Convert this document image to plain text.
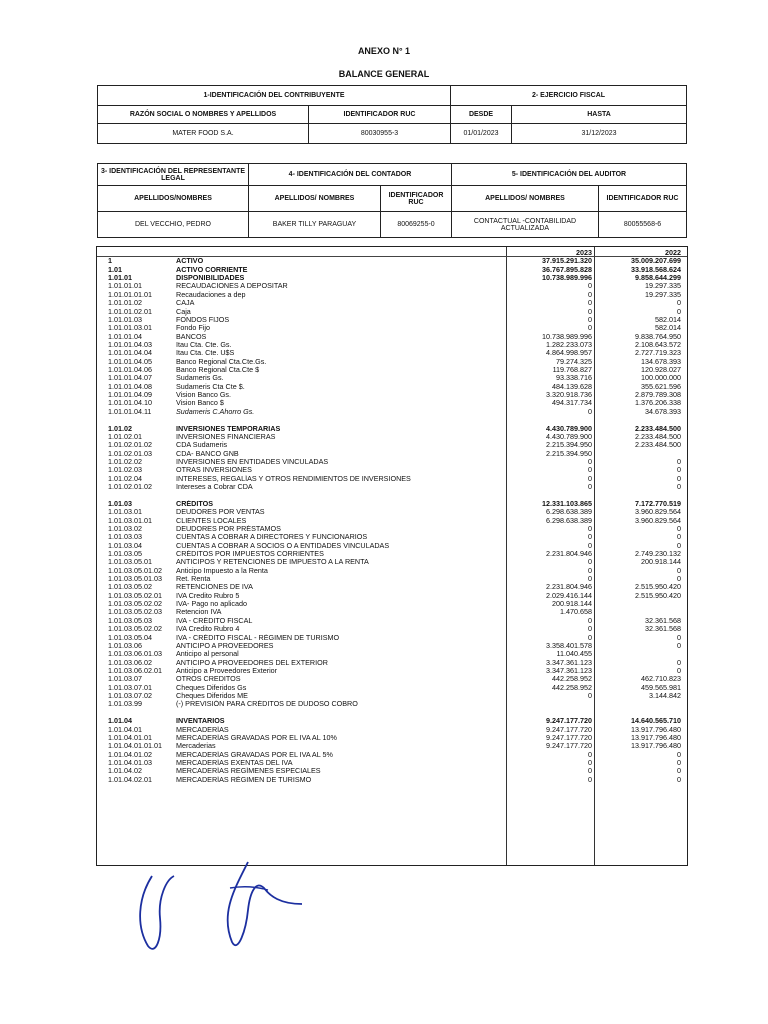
ANEXO N° 1
BALANCE GENERAL
1-IDENTIFICACIÓN DEL CONTRIBUYENTE		2- EJERCICIO FISCAL	
RAZÓN SOCIAL O NOMBRES Y APELLIDOS	IDENTIFICADOR RUC	DESDE	HASTA
MATER FOOD S.A.	80030955-3	01/01/2023	31/12/2023
3- IDENTIFICACIÓN DEL REPRESENTANTE LEGAL	4- IDENTIFICACIÓN DEL CONTADOR		5- IDENTIFICACIÓN DEL AUDITOR	
APELLIDOS/NOMBRES	APELLIDOS/ NOMBRES	IDENTIFICADOR RUC	APELLIDOS/ NOMBRES	IDENTIFICADOR RUC
DEL VECCHIO, PEDRO	BAKER TILLY PARAGUAY	80069255-0	CONTACTUAL -CONTABILIDAD ACTUALIZADA	80055568-6
2023	2022
1	ACTIVO	37.915.291.320	35.009.207.699
1.01	ACTIVO CORRIENTE	36.767.895.828	33.918.568.624
1.01.01	DISPONIBILIDADES	10.738.989.996	9.858.644.299
1.01.01.01	RECAUDACIONES A DEPOSITAR	0	19.297.335
1.01.01.01.01	Recaudaciones a dep	0	19.297.335
1.01.01.02	CAJA	0	0
1.01.01.02.01	Caja	0	0
1.01.01.03	FONDOS FIJOS	0	582.014
1.01.01.03.01	Fondo Fijo	0	582.014
1.01.01.04	BANCOS	10.738.989.996	9.838.764.950
1.01.01.04.03	Itau Cta. Cte. Gs.	1.282.233.073	2.108.643.572
1.01.01.04.04	Itau Cta. Cte. U$S	4.864.998.957	2.727.719.323
1.01.01.04.05	Banco Regional Cta.Cte.Gs.	79.274.325	134.678.393
1.01.01.04.06	Banco Regional Cta.Cte $	119.768.827	120.928.027
1.01.01.04.07	Sudameris Gs.	93.338.716	100.000.000
1.01.01.04.08	Sudameris Cta Cte $.	484.139.628	355.621.596
1.01.01.04.09	Vision Banco Gs.	3.320.918.736	2.879.789.308
1.01.01.04.10	Vision Banco $	494.317.734	1.376.206.338
1.01.01.04.11	Sudameris C.Ahorro Gs.	0	34.678.393
1.01.02	INVERSIONES TEMPORARIAS	4.430.789.900	2.233.484.500
1.01.02.01	INVERSIONES FINANCIERAS	4.430.789.900	2.233.484.500
1.01.02.01.02	CDA Sudameris	2.215.394.950	2.233.484.500
1.01.02.01.03	CDA- BANCO GNB	2.215.394.950
1.01.02.02	INVERSIONES EN ENTIDADES VINCULADAS	0	0
1.01.02.03	OTRAS INVERSIONES	0	0
1.01.02.04	INTERESES, REGALÍAS Y OTROS RENDIMIENTOS DE INVERSIONES	0	0
1.01.02.01.02	Intereses a Cobrar CDA	0	0
1.01.03	CRÉDITOS	12.331.103.865	7.172.770.519
1.01.03.01	DEUDORES POR VENTAS	6.298.638.389	3.960.829.564
1.01.03.01.01	CLIENTES LOCALES	6.298.638.389	3.960.829.564
1.01.03.02	DEUDORES POR PRÉSTAMOS	0	0
1.01.03.03	CUENTAS A COBRAR A DIRECTORES Y FUNCIONARIOS	0	0
1.01.03.04	CUENTAS A COBRAR A SOCIOS O A ENTIDADES VINCULADAS	0	0
1.01.03.05	CRÉDITOS POR IMPUESTOS CORRIENTES	2.231.804.946	2.749.230.132
1.01.03.05.01	ANTICIPOS Y RETENCIONES DE IMPUESTO A LA RENTA	0	200.918.144
1.01.03.05.01.02 Anticipo Impuesto a la Renta	0	0
1.01.03.05.01.03 Ret. Renta	0	0
1.01.03.05.02	RETENCIONES DE IVA	2.231.804.946	2.515.950.420
1.01.03.05.02.01 IVA Credito Rubro 5	2.029.416.144	2.515.950.420
1.01.03.05.02.02 IVA- Pago no aplicado	200.918.144
1.01.03.05.02.03 Retencion IVA	1.470.658
1.01.03.05.03	IVA - CRÉDITO FISCAL	0	32.361.568
1.01.03.05.02.02 IVA Credito Rubro 4	0	32.361.568
1.01.03.05.04	IVA - CRÉDITO FISCAL - RÉGIMEN DE TURISMO	0	0
1.01.03.06	ANTICIPO A PROVEEDORES	3.358.401.578	0
1.01.03.06.01.03 Anticipo al personal	11.040.455
1.01.03.06.02	ANTICIPO A PROVEEDORES DEL EXTERIOR	3.347.361.123	0
1.01.03.06.02.01 Anticipo a Proveedores Exterior	3.347.361.123	0
1.01.03.07	OTROS CREDITOS	442.258.952	462.710.823
1.01.03.07.01	Cheques Diferidos Gs	442.258.952	459.565.981
1.01.03.07.02	Cheques Diferidos ME	0	3.144.842
1.01.03.99	(-) PREVISIÓN PARA CRÉDITOS DE DUDOSO COBRO
1.01.04	INVENTARIOS	9.247.177.720	14.640.565.710
1.01.04.01	MERCADERÍAS	9.247.177.720	13.917.796.480
1.01.04.01.01	MERCADERÍAS GRAVADAS POR EL IVA AL 10%	9.247.177.720	13.917.796.480
1.01.04.01.01.01 Mercaderias	9.247.177.720	13.917.796.480
1.01.04.01.02	MERCADERÍAS GRAVADAS POR EL IVA AL 5%	0	0
1.01.04.01.03	MERCADERÍAS EXENTAS DEL IVA	0	0
1.01.04.02	MERCADERÍAS REGÍMENES ESPECIALES	0	0
1.01.04.02.01	MERCADERÍAS RÉGIMEN DE TURISMO	0	0
